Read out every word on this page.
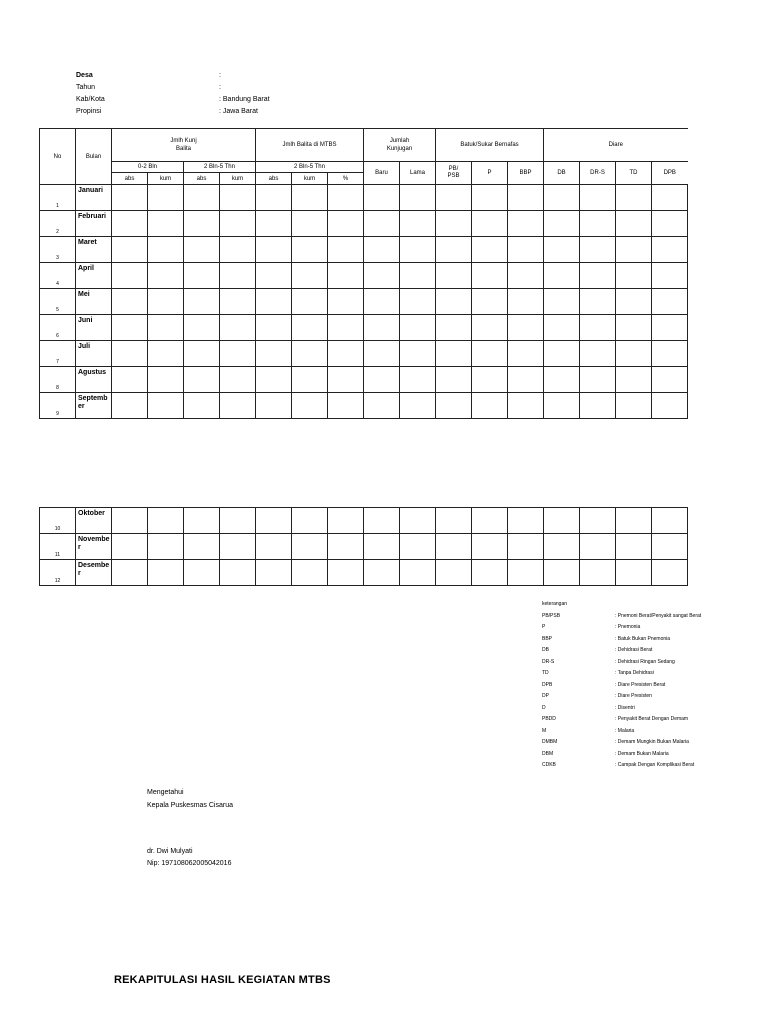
Desa	:
Tahun	:
Kab/Kota	: Bandung Barat
Propinsi	: Jawa Barat
No	Bulan	Jmlh Kunj Balita				Jmlh Balita di MTBS			Jumlah Kunjugan		Batuk/Sukar Bernafas			Diare			
		0-2 Bln		2 Bln-5 Thn		2 Bln-5 Thn			Baru	Lama	PB/ PSB	P	BBP	DB	DR-S	TD	DPB
		abs	kum	abs	kum	abs	kum	%									
1	Januari																
2	Februari																
3	Maret																
4	April																
5	Mei																
6	Juni																
7	Juli																
8	Agustus																
9	September																
10	Oktober																
11	November																
12	Desember																
keterangan
PB/PSB	: Pnemoni Berat/Penyakit sangat Berat
P	: Pnemonia
BBP	: Batuk Bukan Pnemonia
DB	: Dehidrasi Berat
DR-S	: Dehidrasi Ringan Sedang
TD	: Tanpa Dehidrasi
DPB	: Diare Presisten Berat
DP	: Diare Presisten
D	: Disentri
PBDD	: Penyakit Berat Dengan Demam
M	: Malaria
DMBM	: Demam Mungkin Bukan Malaria
DBM	: Demam Bukan Malaria
CDKB	: Campak Dengan Komplikasi Berat
Mengetahui
Kepala Puskesmas Cisarua
dr. Dwi Mulyati
Nip: 197108062005042016
REKAPITULASI HASIL KEGIATAN MTBS
